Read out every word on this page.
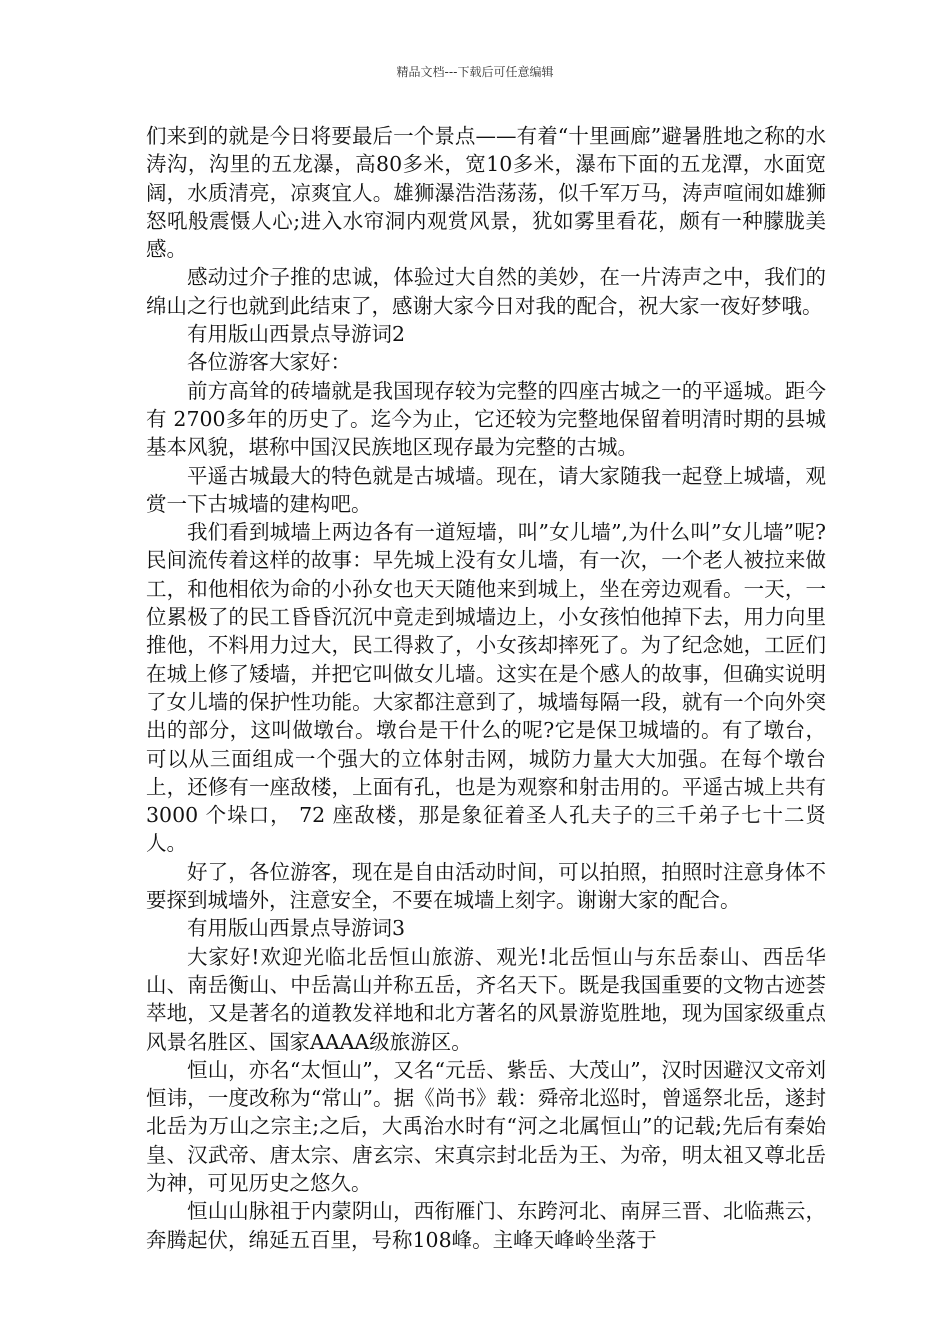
精品文档---下载后可任意编辑

们来到的就是今日将要最后一个景点——有着“十里画廊”避暑胜地之称的水涛沟，沟里的五龙瀑，高80多米，宽10多米，瀑布下面的五龙潭，水面宽阔，水质清亮，凉爽宜人。雄狮瀑浩浩荡荡，似千军万马，涛声喧闹如雄狮怒吼般震慑人心;进入水帘洞内观赏风景，犹如雾里看花，颇有一种朦胧美感。

感动过介子推的忠诚，体验过大自然的美妙，在一片涛声之中，我们的绵山之行也就到此结束了，感谢大家今日对我的配合，祝大家一夜好梦哦。

有用版山西景点导游词2

各位游客大家好：

前方高耸的砖墙就是我国现存较为完整的四座古城之一的平遥城。距今有 2700多年的历史了。迄今为止，它还较为完整地保留着明清时期的县城基本风貌，堪称中国汉民族地区现存最为完整的古城。

平遥古城最大的特色就是古城墙。现在，请大家随我一起登上城墙，观赏一下古城墙的建构吧。

我们看到城墙上两边各有一道短墙，叫”女儿墙”,为什么叫”女儿墙”呢?民间流传着这样的故事：早先城上没有女儿墙，有一次，一个老人被拉来做工，和他相依为命的小孙女也天天随他来到城上，坐在旁边观看。一天，一位累极了的民工昏昏沉沉中竟走到城墙边上，小女孩怕他掉下去，用力向里推他，不料用力过大，民工得救了，小女孩却摔死了。为了纪念她，工匠们在城上修了矮墙，并把它叫做女儿墙。这实在是个感人的故事，但确实说明了女儿墙的保护性功能。大家都注意到了，城墙每隔一段，就有一个向外突出的部分，这叫做墩台。墩台是干什么的呢?它是保卫城墙的。有了墩台，可以从三面组成一个强大的立体射击网，城防力量大大加强。在每个墩台上，还修有一座敌楼，上面有孔，也是为观察和射击用的。平遥古城上共有 3000 个垛口， 72 座敌楼，那是象征着圣人孔夫子的三千弟子七十二贤人。

好了，各位游客，现在是自由活动时间，可以拍照，拍照时注意身体不要探到城墙外，注意安全，不要在城墙上刻字。谢谢大家的配合。

有用版山西景点导游词3

大家好!欢迎光临北岳恒山旅游、观光!北岳恒山与东岳泰山、西岳华山、南岳衡山、中岳嵩山并称五岳，齐名天下。既是我国重要的文物古迹荟萃地，又是著名的道教发祥地和北方著名的风景游览胜地，现为国家级重点风景名胜区、国家AAAA级旅游区。

恒山，亦名“太恒山”，又名“元岳、紫岳、大茂山”，汉时因避汉文帝刘恒讳，一度改称为“常山”。据《尚书》载：舜帝北巡时，曾遥祭北岳，遂封北岳为万山之宗主;之后，大禹治水时有“河之北属恒山”的记载;先后有秦始皇、汉武帝、唐太宗、唐玄宗、宋真宗封北岳为王、为帝，明太祖又尊北岳为神，可见历史之悠久。

恒山山脉祖于内蒙阴山，西衔雁门、东跨河北、南屏三晋、北临燕云，奔腾起伏，绵延五百里，号称108峰。主峰天峰岭坐落于
